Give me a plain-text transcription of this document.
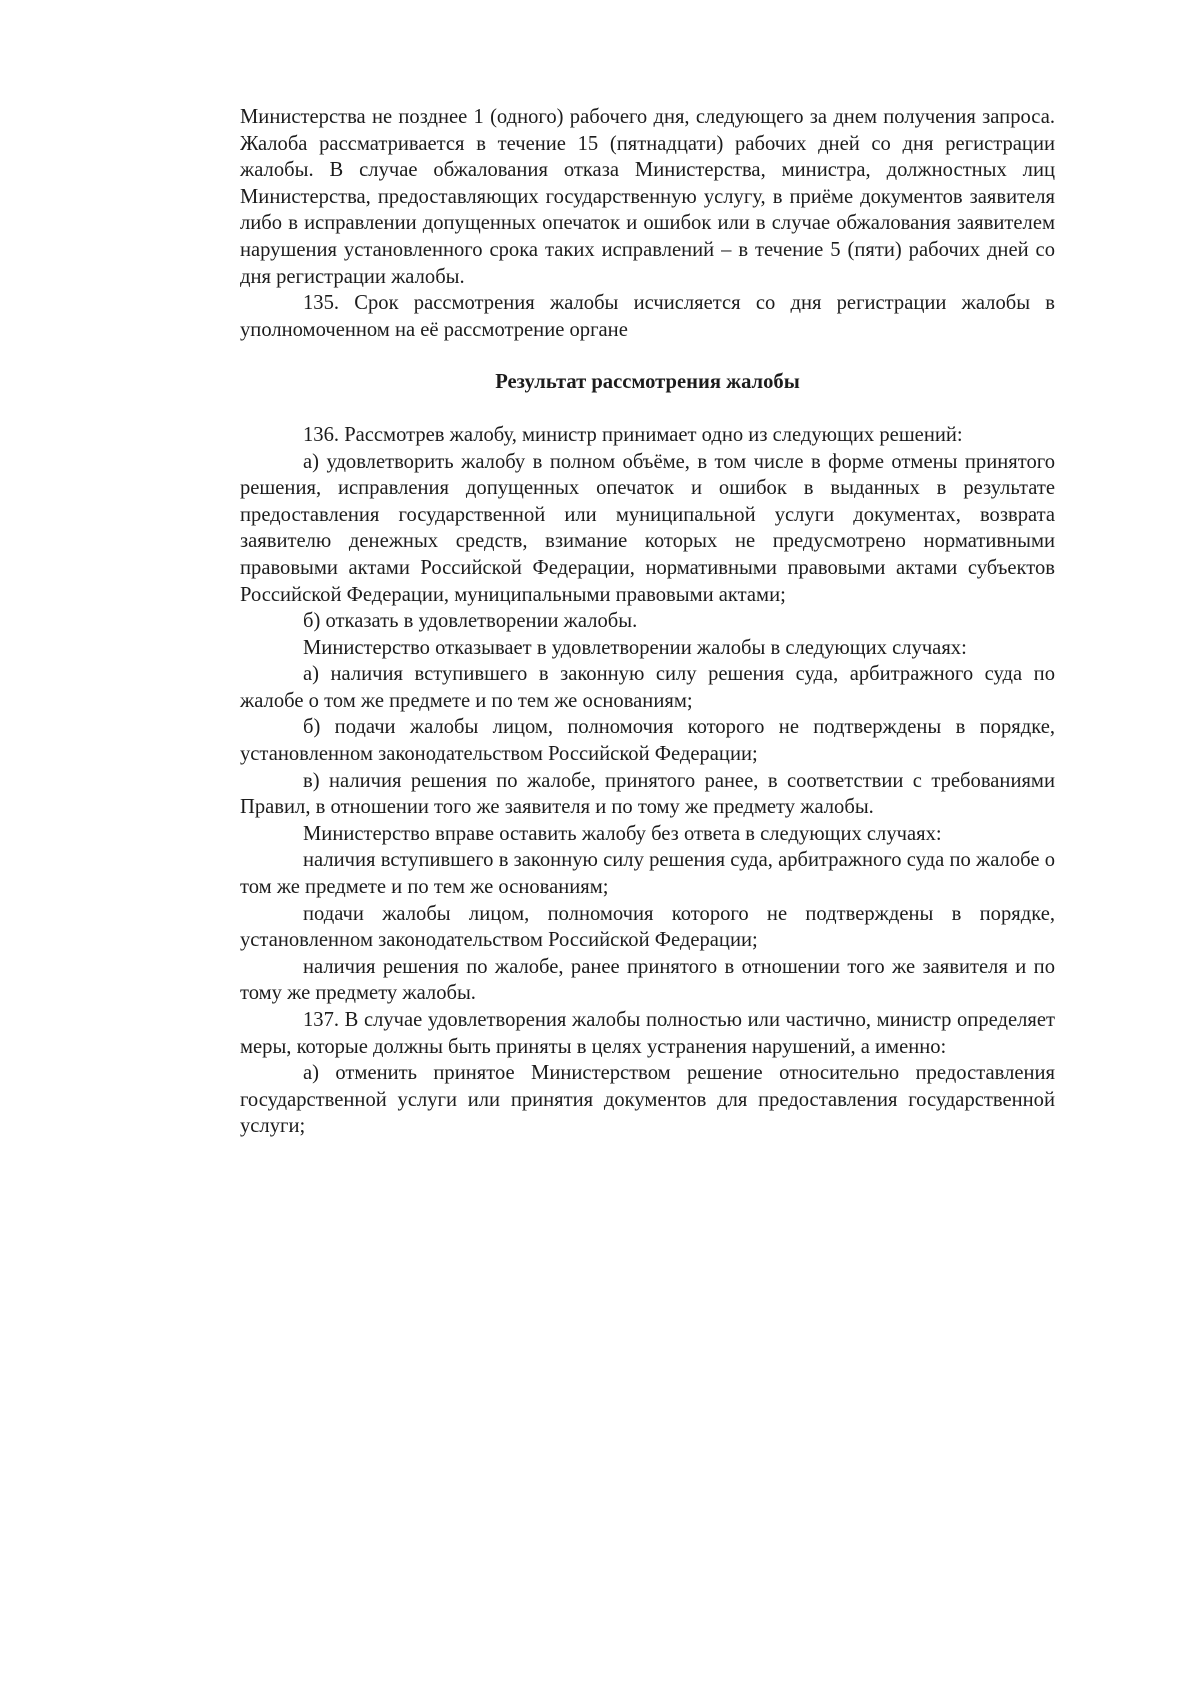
Министерства не позднее 1 (одного) рабочего дня, следующего за днем получения запроса. Жалоба рассматривается в течение 15 (пятнадцати) рабочих дней со дня регистрации жалобы. В случае обжалования отказа Министерства, министра, должностных лиц Министерства, предоставляющих государственную услугу, в приёме документов заявителя либо в исправлении допущенных опечаток и ошибок или в случае обжалования заявителем нарушения установленного срока таких исправлений – в течение 5 (пяти) рабочих дней со дня регистрации жалобы.

135. Срок рассмотрения жалобы исчисляется со дня регистрации жалобы в уполномоченном на её рассмотрение органе

Результат рассмотрения жалобы

136. Рассмотрев жалобу, министр принимает одно из следующих решений:

а) удовлетворить жалобу в полном объёме, в том числе в форме отмены принятого решения, исправления допущенных опечаток и ошибок в выданных в результате предоставления государственной или муниципальной услуги документах, возврата заявителю денежных средств, взимание которых не предусмотрено нормативными правовыми актами Российской Федерации, нормативными правовыми актами субъектов Российской Федерации, муниципальными правовыми актами;

б) отказать в удовлетворении жалобы.

Министерство отказывает в удовлетворении жалобы в следующих случаях:

а) наличия вступившего в законную силу решения суда, арбитражного суда по жалобе о том же предмете и по тем же основаниям;

б) подачи жалобы лицом, полномочия которого не подтверждены в порядке, установленном законодательством Российской Федерации;

в) наличия решения по жалобе, принятого ранее, в соответствии с требованиями Правил, в отношении того же заявителя и по тому же предмету жалобы.

Министерство вправе оставить жалобу без ответа в следующих случаях:

наличия вступившего в законную силу решения суда, арбитражного суда по жалобе о том же предмете и по тем же основаниям;

подачи жалобы лицом, полномочия которого не подтверждены в порядке, установленном законодательством Российской Федерации;

наличия решения по жалобе, ранее принятого в отношении того же заявителя и по тому же предмету жалобы.

137. В случае удовлетворения жалобы полностью или частично, министр определяет меры, которые должны быть приняты в целях устранения нарушений, а именно:

а) отменить принятое Министерством решение относительно предоставления государственной услуги или принятия документов для предоставления государственной услуги;
